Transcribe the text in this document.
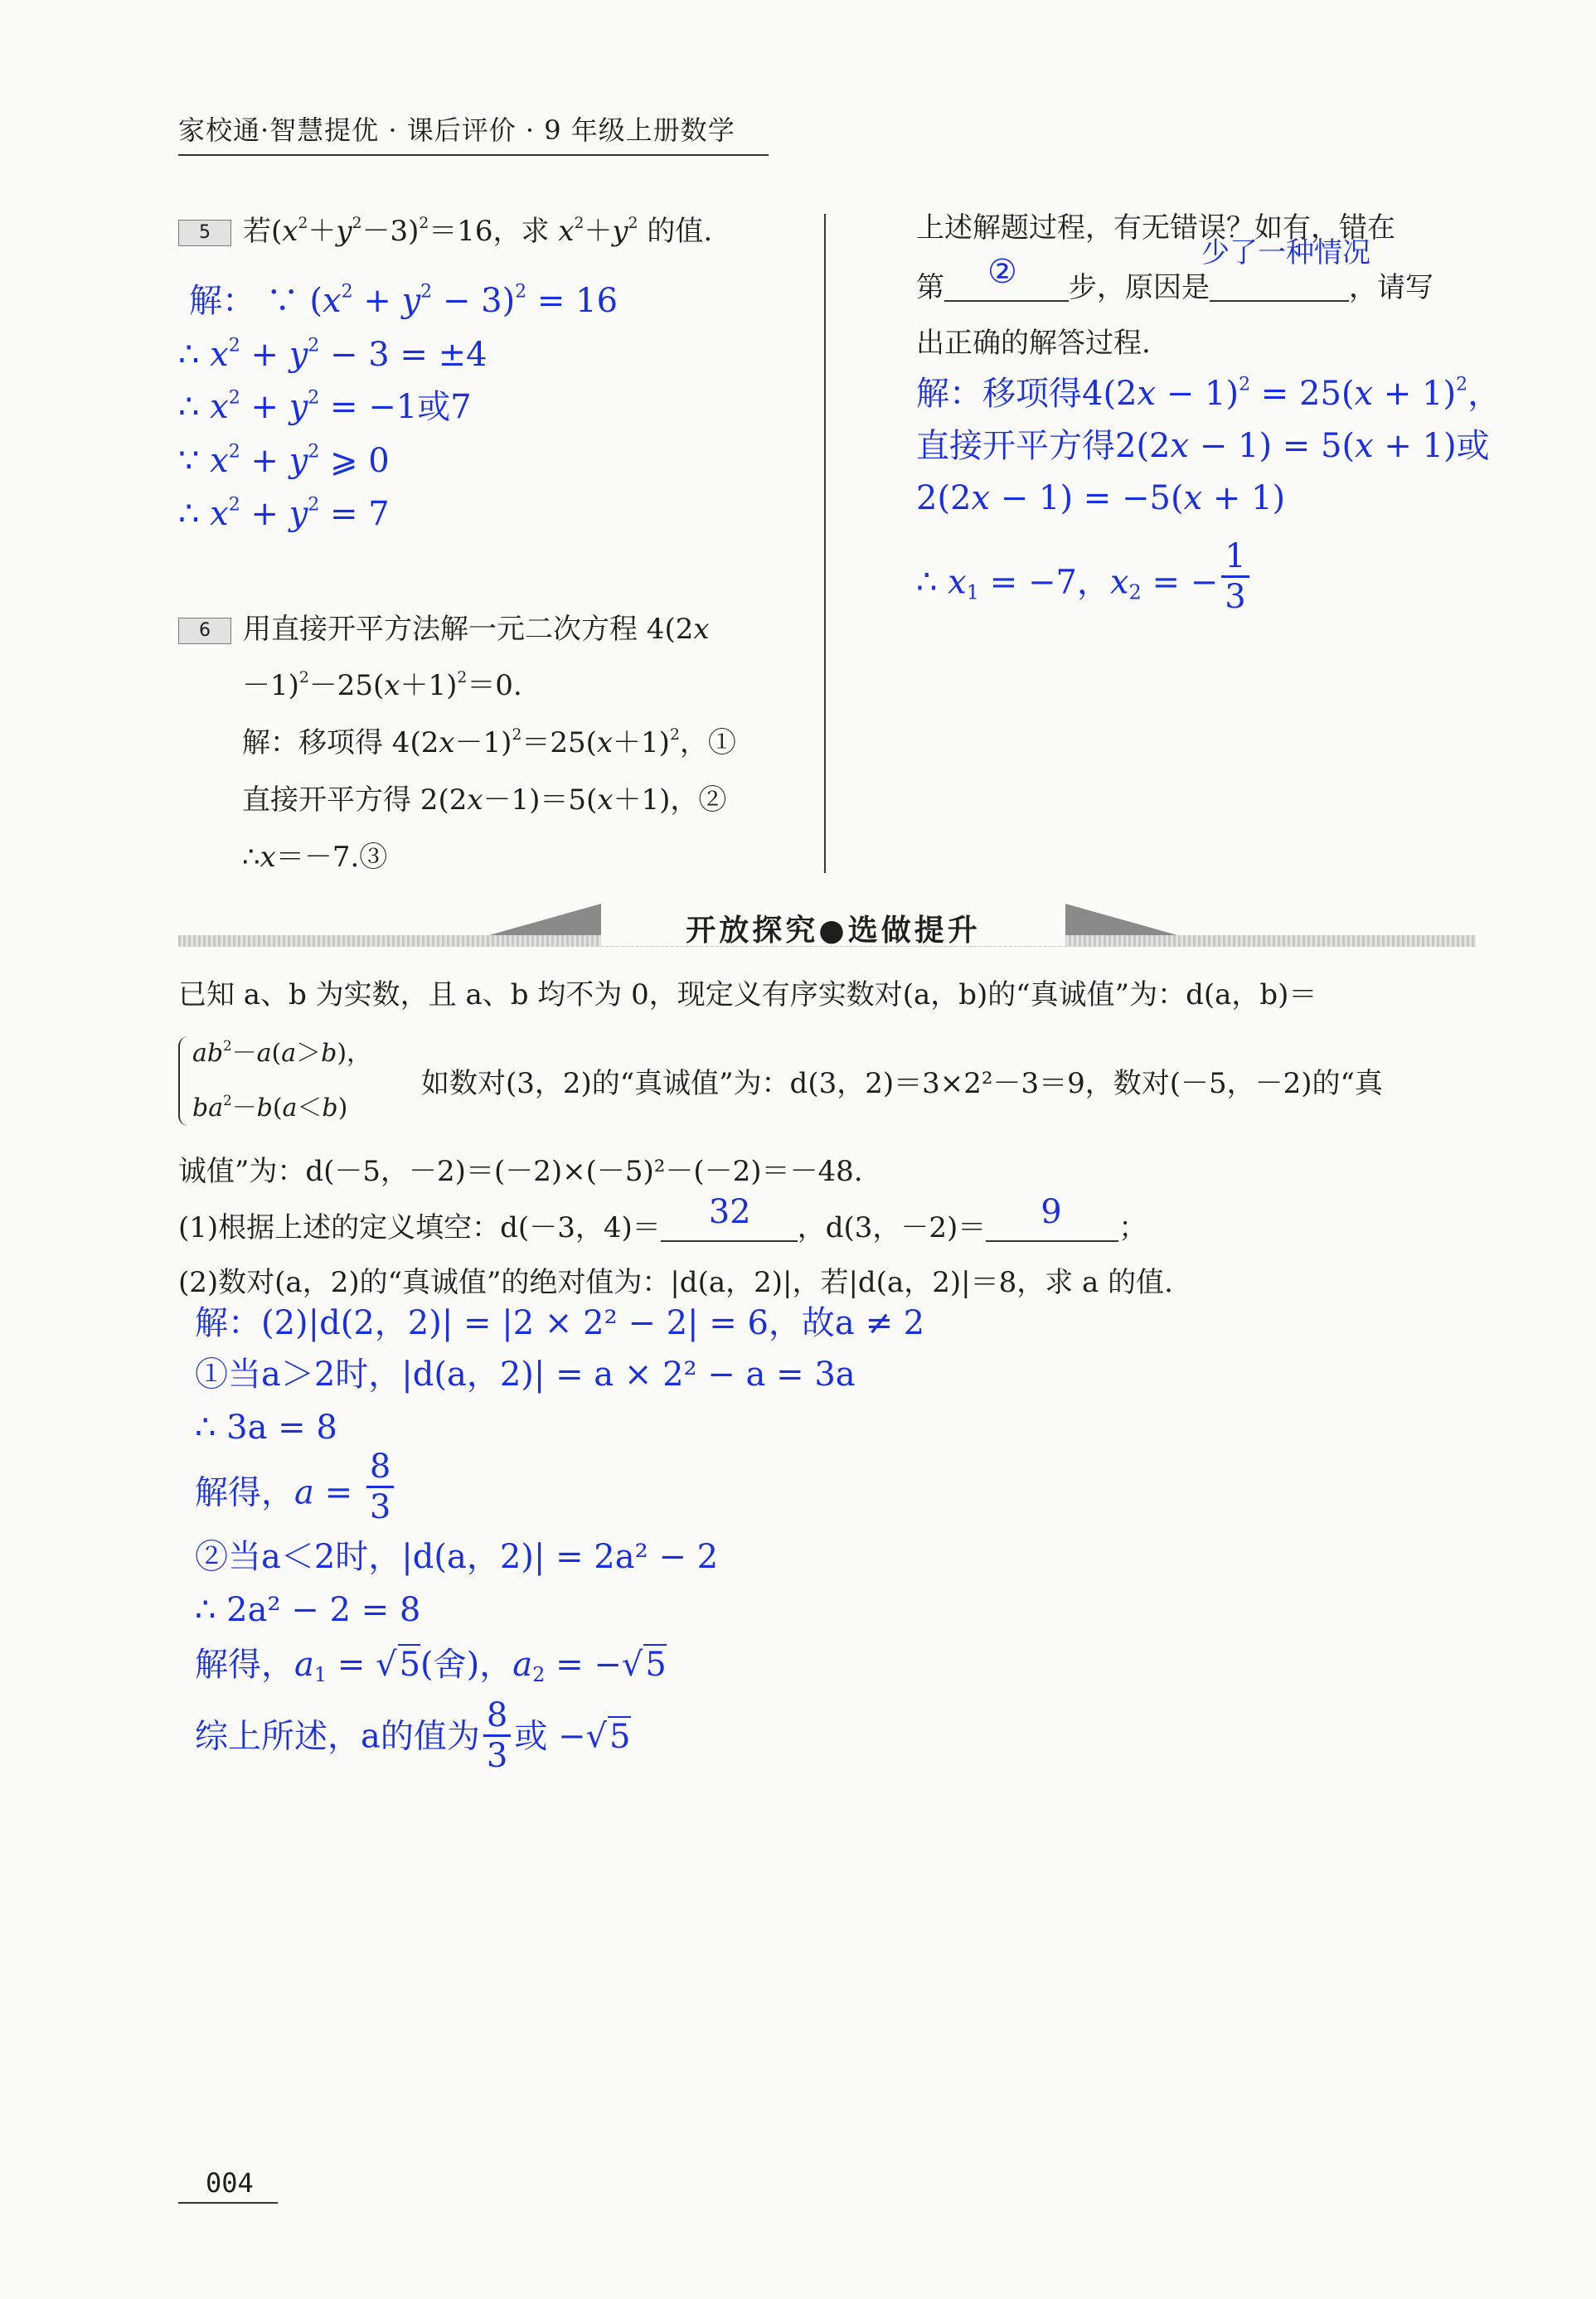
家校通·智慧提优 · 课后评价 · 9 年级上册数学
5 若$(x^2+y^2-3)^2=16$，求 $x^2+y^2$ 的值.
解： ∵ $(x^2 + y^2 - 3)^2 = 16$
∴ $x^2 + y^2 - 3 = \pm 4$
∴ $x^2 + y^2 = -1$或7
∵ $x^2 + y^2$ ⩾ 0
∴ $x^2 + y^2 = 7$
6 用直接开平方法解一元二次方程 4(2x
$-1)^2-25(x+1)^2=0$.
解：移项得 $4(2x-1)^2=25(x+1)^2$，①
直接开平方得 2(2x－1)＝5(x＋1)，②
∴x＝－7.③
上述解题过程，有无错误？如有，错在
第 ② 步，原因是
少了一种情况
，请写
出正确的解答过程.
解：移项得$4(2x - 1)^2 = 25(x + 1)^2$，
直接开平方得2(2x − 1) = 5(x + 1)或
2(2x − 1) = −5(x + 1)
∴ $x_1 = -7$，$x_2$ = − $\frac{1}{3}$
开放探究●选做提升
已知 a、b 为实数，且 a、b 均不为 0，现定义有序实数对(a，b)的“真诚值”为：d(a，b)＝
$ab^2-a(a>b)$，
$ba^2-b(a<b)$
如数对(3，2)的“真诚值”为：d(3，2)＝3×2²－3＝9，数对(－5，－2)的“真
诚值”为：d(－5，－2)＝(－2)×(－5)²－(－2)＝－48.
(1)根据上述的定义填空：d(－3，4)＝ 32 ，d(3，－2)＝ 9 ；
(2)数对(a，2)的“真诚值”的绝对值为：|d(a，2)|，若|d(a，2)|＝8，求 a 的值.
解：(2)|d(2，2)| = |2 × 2² − 2| = 6，故a ≠ 2
①当a＞2时，|d(a，2)| = a × 2² − a = 3a
∴ 3a = 8
解得，$a = \frac{8}{3}$
②当a＜2时，|d(a，2)| = 2a² − 2
∴ 2a² − 2 = 8
解得，$a_1 = √5$(舍)，$a_2 = -√5$
综上所述，a的值为 $\frac{8}{3}$ 或 −√5
004
